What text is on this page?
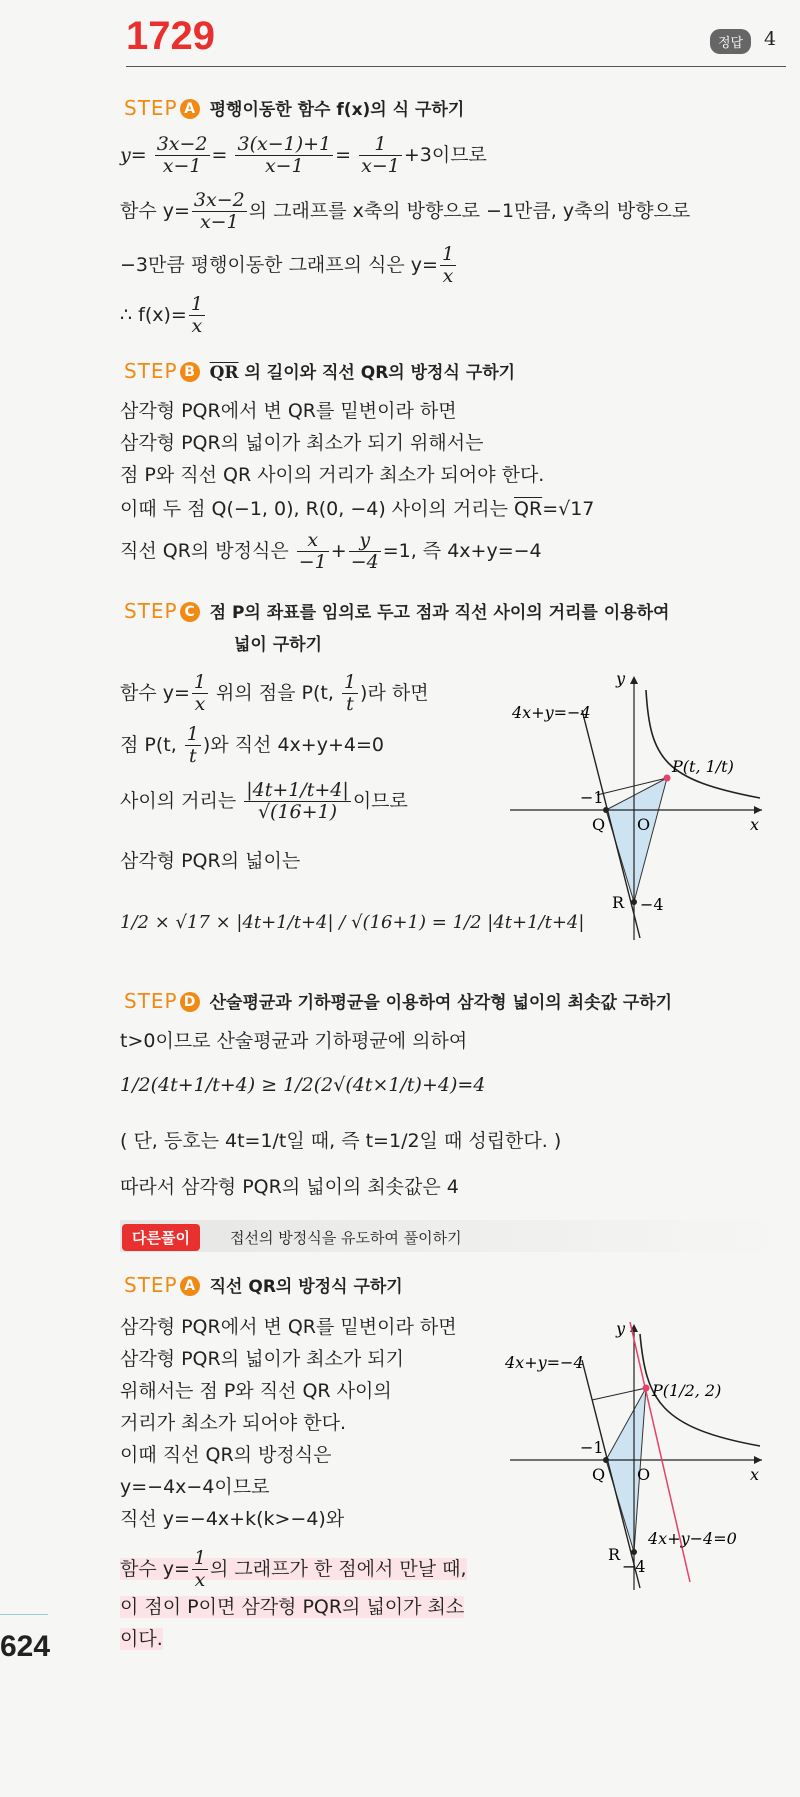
1729	정답	4
STEP A 평행이동한 함수 f(x)의 식 구하기
$y= \frac{3x-2}{x-1} = \frac{3(x-1)+1}{x-1} = \frac{1}{x-1} +3$이므로
함수 $y= \frac{3x-2}{x-1}$ 의 그래프를 x축의 방향으로 −1만큼, y축의 방향으로
−3만큼 평행이동한 그래프의 식은 $y= \frac{1}{x}$
∴ $f(x)= \frac{1}{x}$
STEP B $\overline{QR}$ 의 길이와 직선 QR의 방정식 구하기
삼각형 PQR에서 변 QR를 밑변이라 하면
삼각형 PQR의 넓이가 최소가 되기 위해서는
점 P와 직선 QR 사이의 거리가 최소가 되어야 한다.
이때 두 점 Q(−1, 0), R(0, −4) 사이의 거리는 $\overline{QR}=√17$
직선 QR의 방정식은 $\frac{x}{-1} + \frac{y}{-4} =1$, 즉 4x+y=−4
STEP C 점 P의 좌표를 임의로 두고 점과 직선 사이의 거리를 이용하여
넓이 구하기
함수 $y= \frac{1}{x}$ 위의 점을 P(t, $\frac{1}{t}$ )라 하면
점 P(t, $\frac{1}{t}$ )와 직선 4x+y+4=0
사이의 거리는 $\frac{|4t+1/t+4|}{√(16+1)}$ 이므로
삼각형 PQR의 넓이는
1/2 × √17 × |4t+1/t+4| / √(16+1) = 1/2 |4t+1/t+4|
4x+y=−4
y
x
P(t, 1/t)
−1
Q O
R −4
STEP D 산술평균과 기하평균을 이용하여 삼각형 넓이의 최솟값 구하기
t>0이므로 산술평균과 기하평균에 의하여
1/2(4t+1/t+4) ≥ 1/2(2√(4t×1/t)+4)=4
( 단, 등호는 4t=1/t일 때, 즉 t=1/2일 때 성립한다. )
따라서 삼각형 PQR의 넓이의 최솟값은 4
다른풀이	접선의 방정식을 유도하여 풀이하기
STEP A 직선 QR의 방정식 구하기
삼각형 PQR에서 변 QR를 밑변이라 하면
삼각형 PQR의 넓이가 최소가 되기
위해서는 점 P와 직선 QR 사이의
거리가 최소가 되어야 한다.
이때 직선 QR의 방정식은
y=−4x−4이므로
직선 y=−4x+k(k>−4)와
함수 $y= \frac{1}{x}$ 의 그래프가 한 점에서 만날 때,
이 점이 P이면 삼각형 PQR의 넓이가 최소
이다.
4x+y=−4
y
x
P(1/2, 2)
−1
Q O
R
−4
4x+y−4=0
624
